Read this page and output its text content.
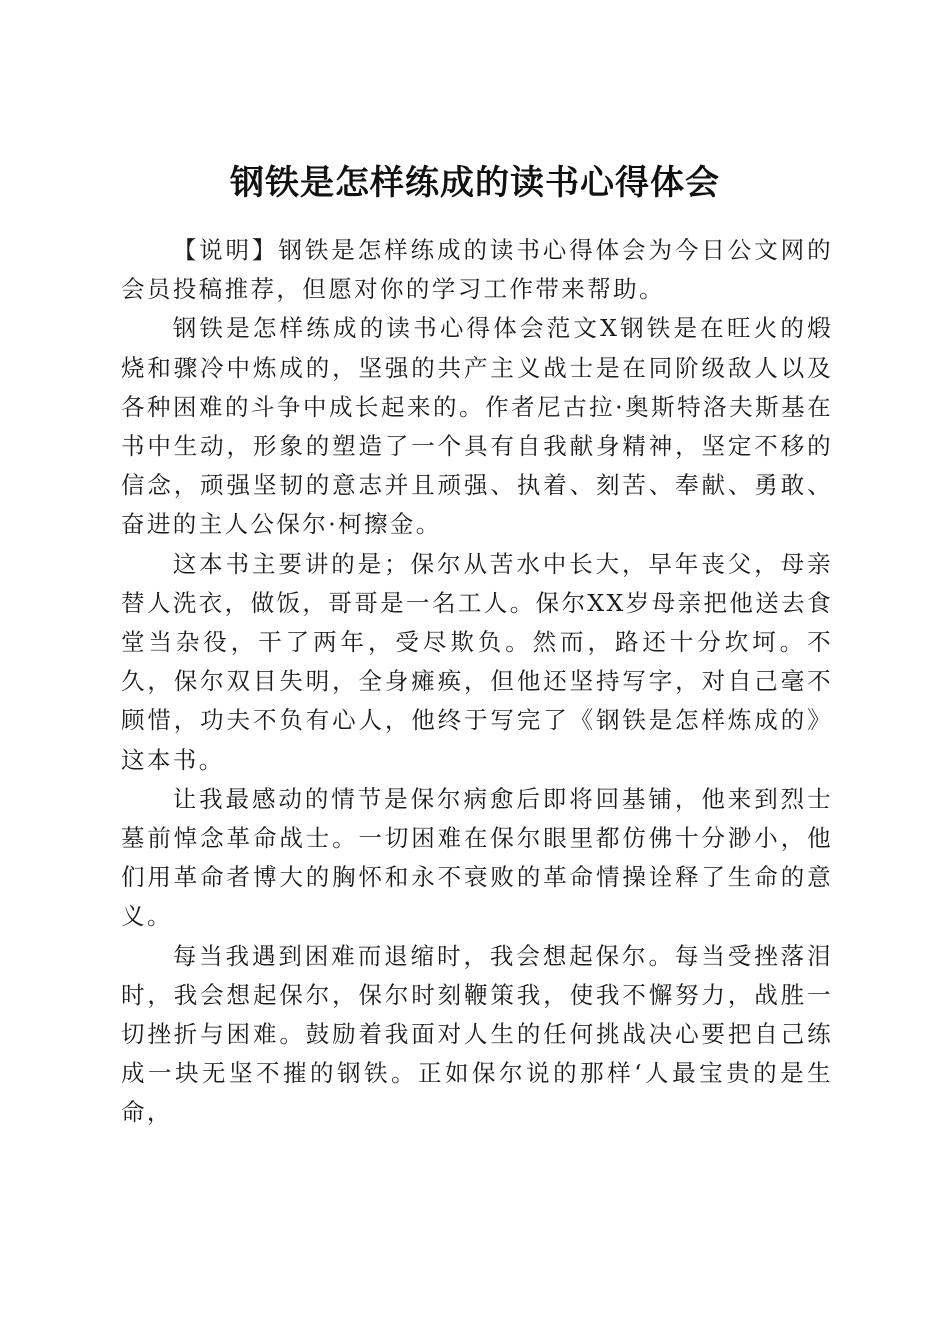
钢铁是怎样练成的读书心得体会

【说明】钢铁是怎样练成的读书心得体会为今日公文网的会员投稿推荐，但愿对你的学习工作带来帮助。

钢铁是怎样练成的读书心得体会范文X钢铁是在旺火的煅烧和骤冷中炼成的，坚强的共产主义战士是在同阶级敌人以及各种困难的斗争中成长起来的。作者尼古拉·奥斯特洛夫斯基在书中生动，形象的塑造了一个具有自我献身精神，坚定不移的信念，顽强坚韧的意志并且顽强、执着、刻苦、奉献、勇敢、奋进的主人公保尔·柯擦金。

这本书主要讲的是；保尔从苦水中长大，早年丧父，母亲替人洗衣，做饭，哥哥是一名工人。保尔XX岁母亲把他送去食堂当杂役，干了两年，受尽欺负。然而，路还十分坎坷。不久，保尔双目失明，全身瘫痪，但他还坚持写字，对自己毫不顾惜，功夫不负有心人，他终于写完了《钢铁是怎样炼成的》这本书。

让我最感动的情节是保尔病愈后即将回基铺，他来到烈士墓前悼念革命战士。一切困难在保尔眼里都仿佛十分渺小，他们用革命者博大的胸怀和永不衰败的革命情操诠释了生命的意义。

每当我遇到困难而退缩时，我会想起保尔。每当受挫落泪时，我会想起保尔，保尔时刻鞭策我，使我不懈努力，战胜一切挫折与困难。鼓励着我面对人生的任何挑战决心要把自己练成一块无坚不摧的钢铁。正如保尔说的那样‘人最宝贵的是生命，
